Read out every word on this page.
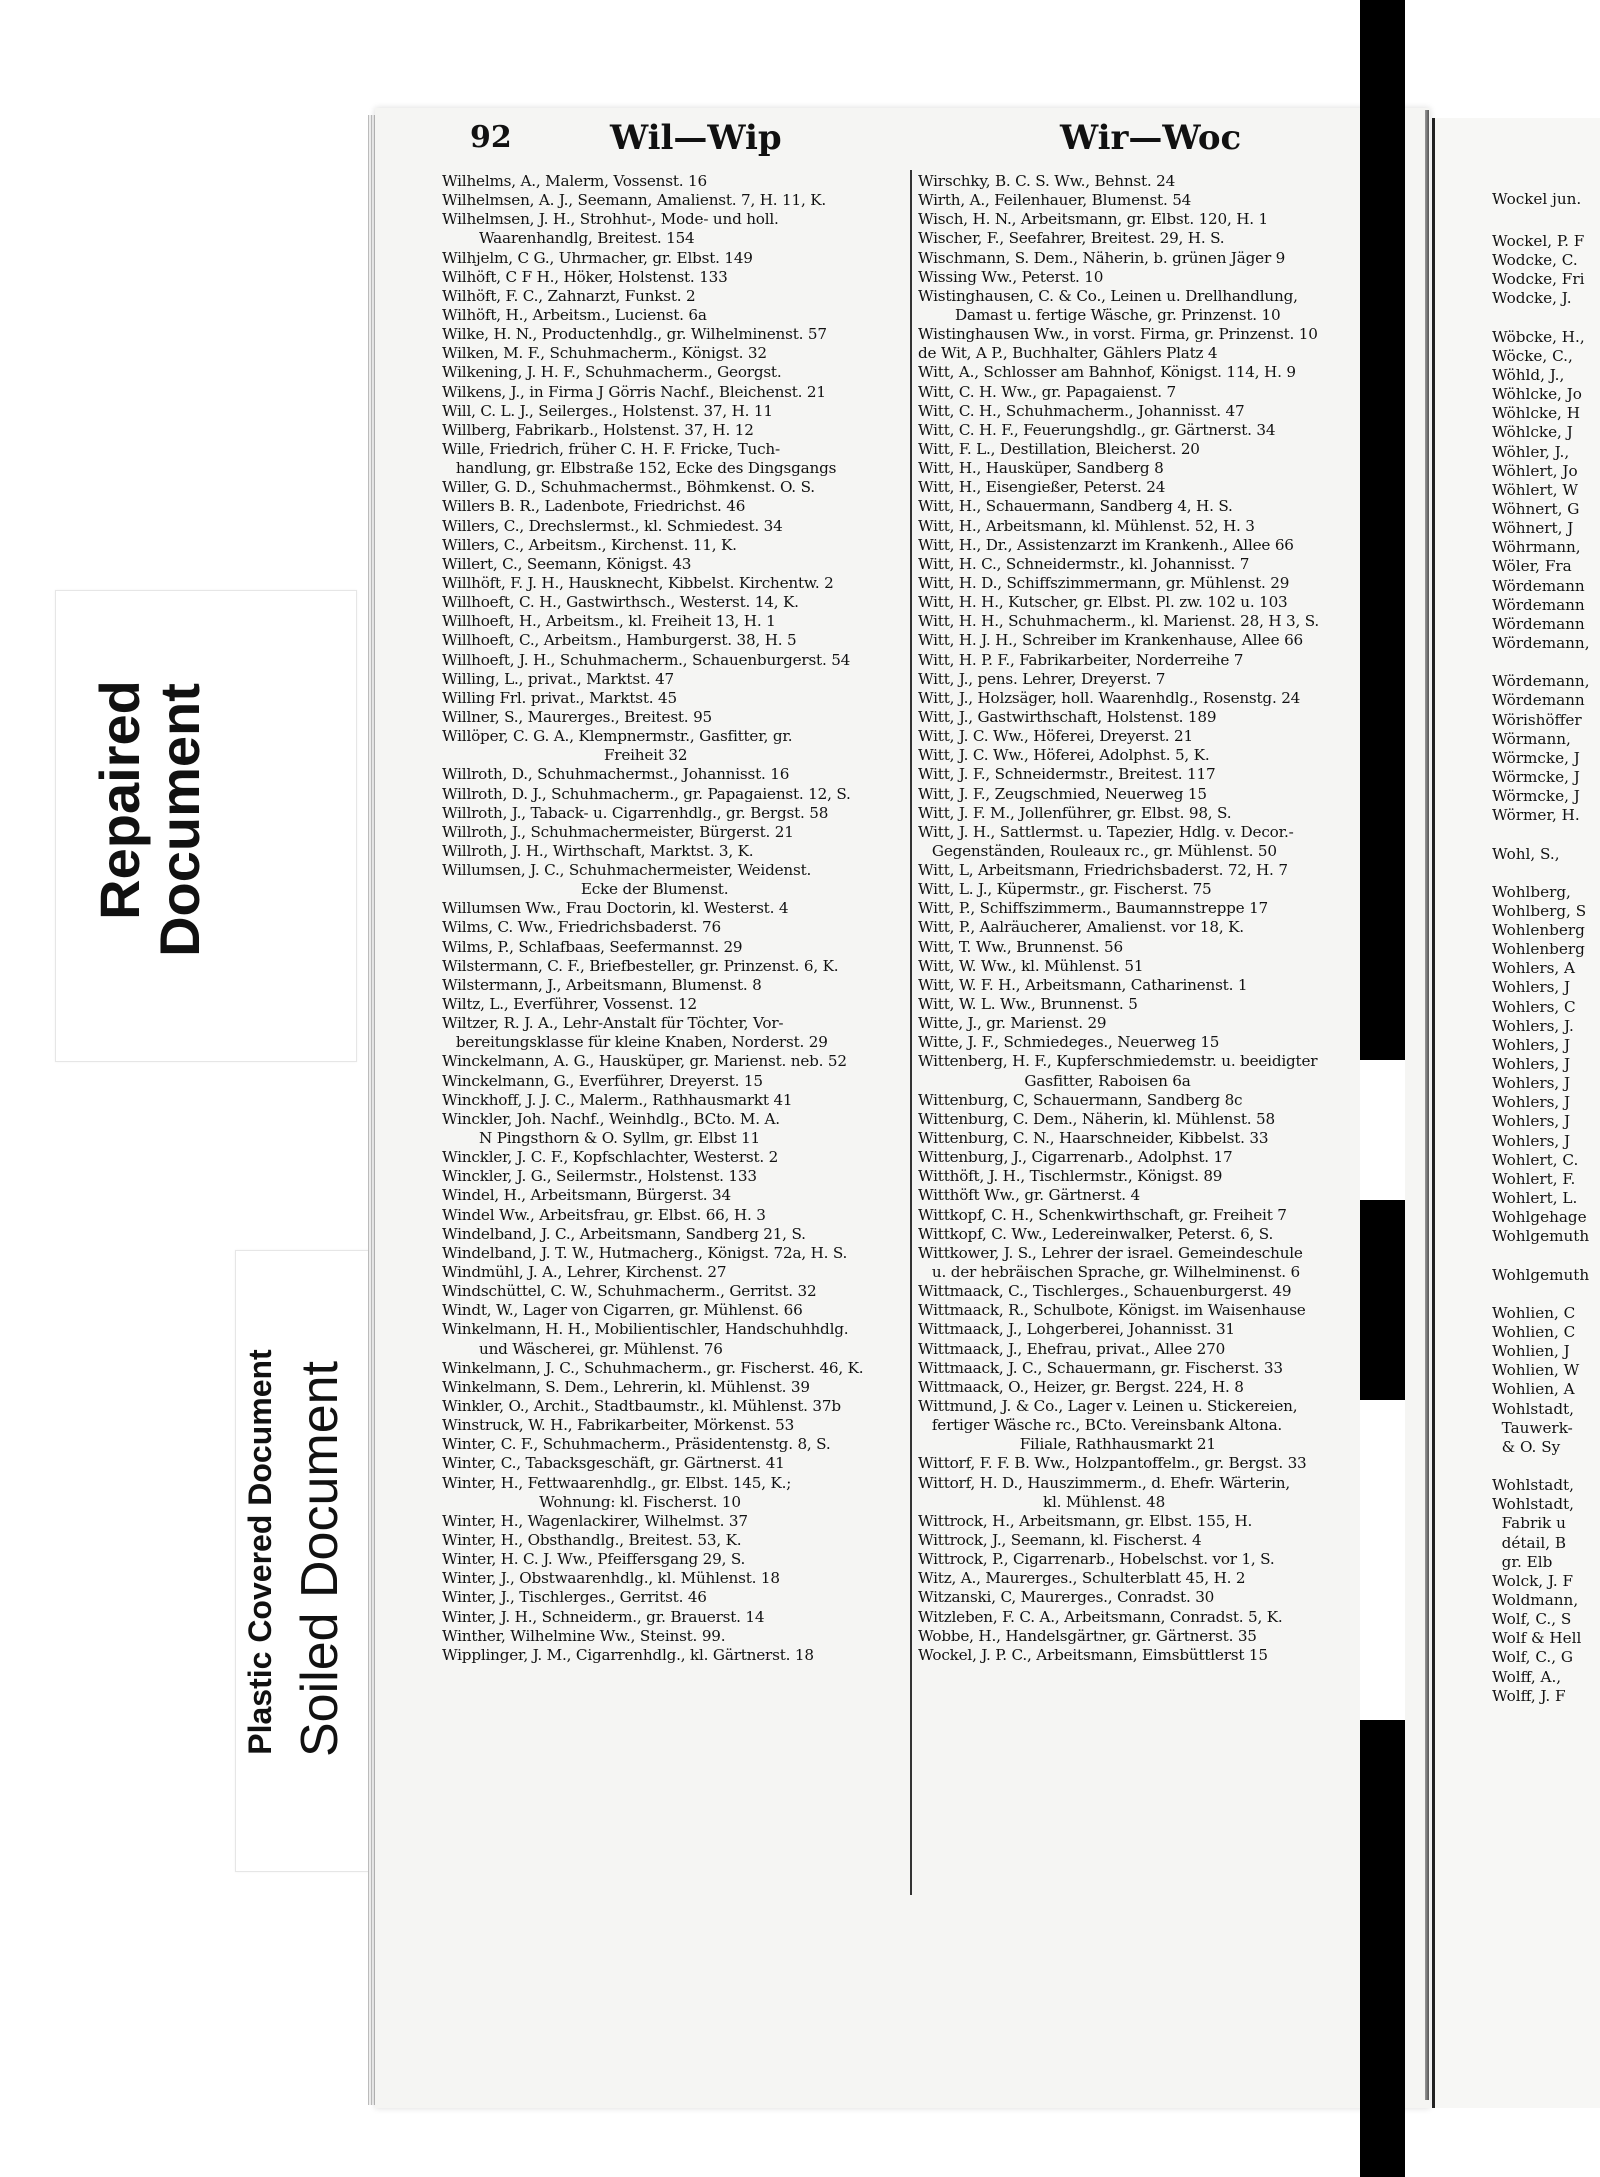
Repaired
Document
Plastic Covered Document Soiled Document
92	Wil—Wip	Wir—Woc
Wilhelms, A., Malerm, Vossenst. 16
Wilhelmsen, A. J., Seemann, Amalienst. 7, H. 11, K.
Wilhelmsen, J. H., Strohhut-, Mode- und holl.
Waarenhandlg, Breitest. 154
Wilhjelm, C G., Uhrmacher, gr. Elbst. 149
Wilhöft, C F H., Höker, Holstenst. 133
Wilhöft, F. C., Zahnarzt, Funkst. 2
Wilhöft, H., Arbeitsm., Lucienst. 6a
Wilke, H. N., Productenhdlg., gr. Wilhelminenst. 57
Wilken, M. F., Schuhmacherm., Königst. 32
Wilkening, J. H. F., Schuhmacherm., Georgst.
Wilkens, J., in Firma J Görris Nachf., Bleichenst. 21
Will, C. L. J., Seilerges., Holstenst. 37, H. 11
Willberg, Fabrikarb., Holstenst. 37, H. 12
Wille, Friedrich, früher C. H. F. Fricke, Tuch-
handlung, gr. Elbstraße 152, Ecke des Dingsgangs
Willer, G. D., Schuhmachermst., Böhmkenst. O. S.
Willers B. R., Ladenbote, Friedrichst. 46
Willers, C., Drechslermst., kl. Schmiedest. 34
Willers, C., Arbeitsm., Kirchenst. 11, K.
Willert, C., Seemann, Königst. 43
Willhöft, F. J. H., Hausknecht, Kibbelst. Kirchentw. 2
Willhoeft, C. H., Gastwirthsch., Westerst. 14, K.
Willhoeft, H., Arbeitsm., kl. Freiheit 13, H. 1
Willhoeft, C., Arbeitsm., Hamburgerst. 38, H. 5
Willhoeft, J. H., Schuhmacherm., Schauenburgerst. 54
Willing, L., privat., Marktst. 47
Willing Frl. privat., Marktst. 45
Willner, S., Maurerges., Breitest. 95
Willöper, C. G. A., Klempnermstr., Gasfitter, gr.
Freiheit 32
Willroth, D., Schuhmachermst., Johannisst. 16
Willroth, D. J., Schuhmacherm., gr. Papagaienst. 12, S.
Willroth, J., Taback- u. Cigarrenhdlg., gr. Bergst. 58
Willroth, J., Schuhmachermeister, Bürgerst. 21
Willroth, J. H., Wirthschaft, Marktst. 3, K.
Willumsen, J. C., Schuhmachermeister, Weidenst.
Ecke der Blumenst.
Willumsen Ww., Frau Doctorin, kl. Westerst. 4
Wilms, C. Ww., Friedrichsbaderst. 76
Wilms, P., Schlafbaas, Seefermannst. 29
Wilstermann, C. F., Briefbesteller, gr. Prinzenst. 6, K.
Wilstermann, J., Arbeitsmann, Blumenst. 8
Wiltz, L., Everführer, Vossenst. 12
Wiltzer, R. J. A., Lehr-Anstalt für Töchter, Vor-
bereitungsklasse für kleine Knaben, Norderst. 29
Winckelmann, A. G., Hausküper, gr. Marienst. neb. 52
Winckelmann, G., Everführer, Dreyerst. 15
Winckhoff, J. J. C., Malerm., Rathhausmarkt 41
Winckler, Joh. Nachf., Weinhdlg., BCto. M. A.
N Pingsthorn & O. Syllm, gr. Elbst 11
Winckler, J. C. F., Kopfschlachter, Westerst. 2
Winckler, J. G., Seilermstr., Holstenst. 133
Windel, H., Arbeitsmann, Bürgerst. 34
Windel Ww., Arbeitsfrau, gr. Elbst. 66, H. 3
Windelband, J. C., Arbeitsmann, Sandberg 21, S.
Windelband, J. T. W., Hutmacherg., Königst. 72a, H. S.
Windmühl, J. A., Lehrer, Kirchenst. 27
Windschüttel, C. W., Schuhmacherm., Gerritst. 32
Windt, W., Lager von Cigarren, gr. Mühlenst. 66
Winkelmann, H. H., Mobilientischler, Handschuhhdlg.
und Wäscherei, gr. Mühlenst. 76
Winkelmann, J. C., Schuhmacherm., gr. Fischerst. 46, K.
Winkelmann, S. Dem., Lehrerin, kl. Mühlenst. 39
Winkler, O., Archit., Stadtbaumstr., kl. Mühlenst. 37b
Winstruck, W. H., Fabrikarbeiter, Mörkenst. 53
Winter, C. F., Schuhmacherm., Präsidentenstg. 8, S.
Winter, C., Tabacksgeschäft, gr. Gärtnerst. 41
Winter, H., Fettwaarenhdlg., gr. Elbst. 145, K.;
Wohnung: kl. Fischerst. 10
Winter, H., Wagenlackirer, Wilhelmst. 37
Winter, H., Obsthandlg., Breitest. 53, K.
Winter, H. C. J. Ww., Pfeiffersgang 29, S.
Winter, J., Obstwaarenhdlg., kl. Mühlenst. 18
Winter, J., Tischlerges., Gerritst. 46
Winter, J. H., Schneiderm., gr. Brauerst. 14
Winther, Wilhelmine Ww., Steinst. 99.
Wipplinger, J. M., Cigarrenhdlg., kl. Gärtnerst. 18
Wirschky, B. C. S. Ww., Behnst. 24
Wirth, A., Feilenhauer, Blumenst. 54
Wisch, H. N., Arbeitsmann, gr. Elbst. 120, H. 1
Wischer, F., Seefahrer, Breitest. 29, H. S.
Wischmann, S. Dem., Näherin, b. grünen Jäger 9
Wissing Ww., Peterst. 10
Wistinghausen, C. & Co., Leinen u. Drellhandlung,
Damast u. fertige Wäsche, gr. Prinzenst. 10
Wistinghausen Ww., in vorst. Firma, gr. Prinzenst. 10
de Wit, A P., Buchhalter, Gählers Platz 4
Witt, A., Schlosser am Bahnhof, Königst. 114, H. 9
Witt, C. H. Ww., gr. Papagaienst. 7
Witt, C. H., Schuhmacherm., Johannisst. 47
Witt, C. H. F., Feuerungshdlg., gr. Gärtnerst. 34
Witt, F. L., Destillation, Bleicherst. 20
Witt, H., Hausküper, Sandberg 8
Witt, H., Eisengießer, Peterst. 24
Witt, H., Schauermann, Sandberg 4, H. S.
Witt, H., Arbeitsmann, kl. Mühlenst. 52, H. 3
Witt, H., Dr., Assistenzarzt im Krankenh., Allee 66
Witt, H. C., Schneidermstr., kl. Johannisst. 7
Witt, H. D., Schiffszimmermann, gr. Mühlenst. 29
Witt, H. H., Kutscher, gr. Elbst. Pl. zw. 102 u. 103
Witt, H. H., Schuhmacherm., kl. Marienst. 28, H 3, S.
Witt, H. J. H., Schreiber im Krankenhause, Allee 66
Witt, H. P. F., Fabrikarbeiter, Norderreihe 7
Witt, J., pens. Lehrer, Dreyerst. 7
Witt, J., Holzsäger, holl. Waarenhdlg., Rosenstg. 24
Witt, J., Gastwirthschaft, Holstenst. 189
Witt, J. C. Ww., Höferei, Dreyerst. 21
Witt, J. C. Ww., Höferei, Adolphst. 5, K.
Witt, J. F., Schneidermstr., Breitest. 117
Witt, J. F., Zeugschmied, Neuerweg 15
Witt, J. F. M., Jollenführer, gr. Elbst. 98, S.
Witt, J. H., Sattlermst. u. Tapezier, Hdlg. v. Decor.-
Gegenständen, Rouleaux rc., gr. Mühlenst. 50
Witt, L, Arbeitsmann, Friedrichsbaderst. 72, H. 7
Witt, L. J., Küpermstr., gr. Fischerst. 75
Witt, P., Schiffszimmerm., Baumannstreppe 17
Witt, P., Aalräucherer, Amalienst. vor 18, K.
Witt, T. Ww., Brunnenst. 56
Witt, W. Ww., kl. Mühlenst. 51
Witt, W. F. H., Arbeitsmann, Catharinenst. 1
Witt, W. L. Ww., Brunnenst. 5
Witte, J., gr. Marienst. 29
Witte, J. F., Schmiedeges., Neuerweg 15
Wittenberg, H. F., Kupferschmiedemstr. u. beeidigter
Gasfitter, Raboisen 6a
Wittenburg, C, Schauermann, Sandberg 8c
Wittenburg, C. Dem., Näherin, kl. Mühlenst. 58
Wittenburg, C. N., Haarschneider, Kibbelst. 33
Wittenburg, J., Cigarrenarb., Adolphst. 17
Witthöft, J. H., Tischlermstr., Königst. 89
Witthöft Ww., gr. Gärtnerst. 4
Wittkopf, C. H., Schenkwirthschaft, gr. Freiheit 7
Wittkopf, C. Ww., Ledereinwalker, Peterst. 6, S.
Wittkower, J. S., Lehrer der israel. Gemeindeschule
u. der hebräischen Sprache, gr. Wilhelminenst. 6
Wittmaack, C., Tischlerges., Schauenburgerst. 49
Wittmaack, R., Schulbote, Königst. im Waisenhause
Wittmaack, J., Lohgerberei, Johannisst. 31
Wittmaack, J., Ehefrau, privat., Allee 270
Wittmaack, J. C., Schauermann, gr. Fischerst. 33
Wittmaack, O., Heizer, gr. Bergst. 224, H. 8
Wittmund, J. & Co., Lager v. Leinen u. Stickereien,
fertiger Wäsche rc., BCto. Vereinsbank Altona.
Filiale, Rathhausmarkt 21
Wittorf, F. F. B. Ww., Holzpantoffelm., gr. Bergst. 33
Wittorf, H. D., Hauszimmerm., d. Ehefr. Wärterin,
kl. Mühlenst. 48
Wittrock, H., Arbeitsmann, gr. Elbst. 155, H.
Wittrock, J., Seemann, kl. Fischerst. 4
Wittrock, P., Cigarrenarb., Hobelschst. vor 1, S.
Witz, A., Maurerges., Schulterblatt 45, H. 2
Witzanski, C, Maurerges., Conradst. 30
Witzleben, F. C. A., Arbeitsmann, Conradst. 5, K.
Wobbe, H., Handelsgärtner, gr. Gärtnerst. 35
Wockel, J. P. C., Arbeitsmann, Eimsbüttlerst 15
Wockel jun.
Wockel, P. F
Wodcke, C.
Wodcke, Fri
Wodcke, J.
Wöbcke, H.,
Wöcke, C.,
Wöhld, J.,
Wöhlcke, Jo
Wöhlcke, H
Wöhlcke, J
Wöhler, J.,
Wöhlert, Jo
Wöhlert, W
Wöhnert, G
Wöhnert, J
Wöhrmann,
Wöler, Fra
Wördemann
Wördemann
Wördemann
Wördemann,
Wördemann,
Wördemann
Wörishöffer
Wörmann,
Wörmcke, J
Wörmcke, J
Wörmcke, J
Wörmer, H.
Wohl, S.,
Wohlberg,
Wohlberg, S
Wohlenberg
Wohlenberg
Wohlers, A
Wohlers, J
Wohlers, C
Wohlers, J.
Wohlers, J
Wohlers, J
Wohlers, J
Wohlers, J
Wohlers, J
Wohlers, J
Wohlert, C.
Wohlert, F.
Wohlert, L.
Wohlgehage
Wohlgemuth
Wohlgemuth
Wohlien, C
Wohlien, C
Wohlien, J
Wohlien, W
Wohlien, A
Wohlstadt,
Tauwerk-
& O. Sy
Wohlstadt,
Wohlstadt,
Fabrik u
détail, B
gr. Elb
Wolck, J. F
Woldmann,
Wolf, C., S
Wolf & Hell
Wolf, C., G
Wolff, A.,
Wolff, J. F
